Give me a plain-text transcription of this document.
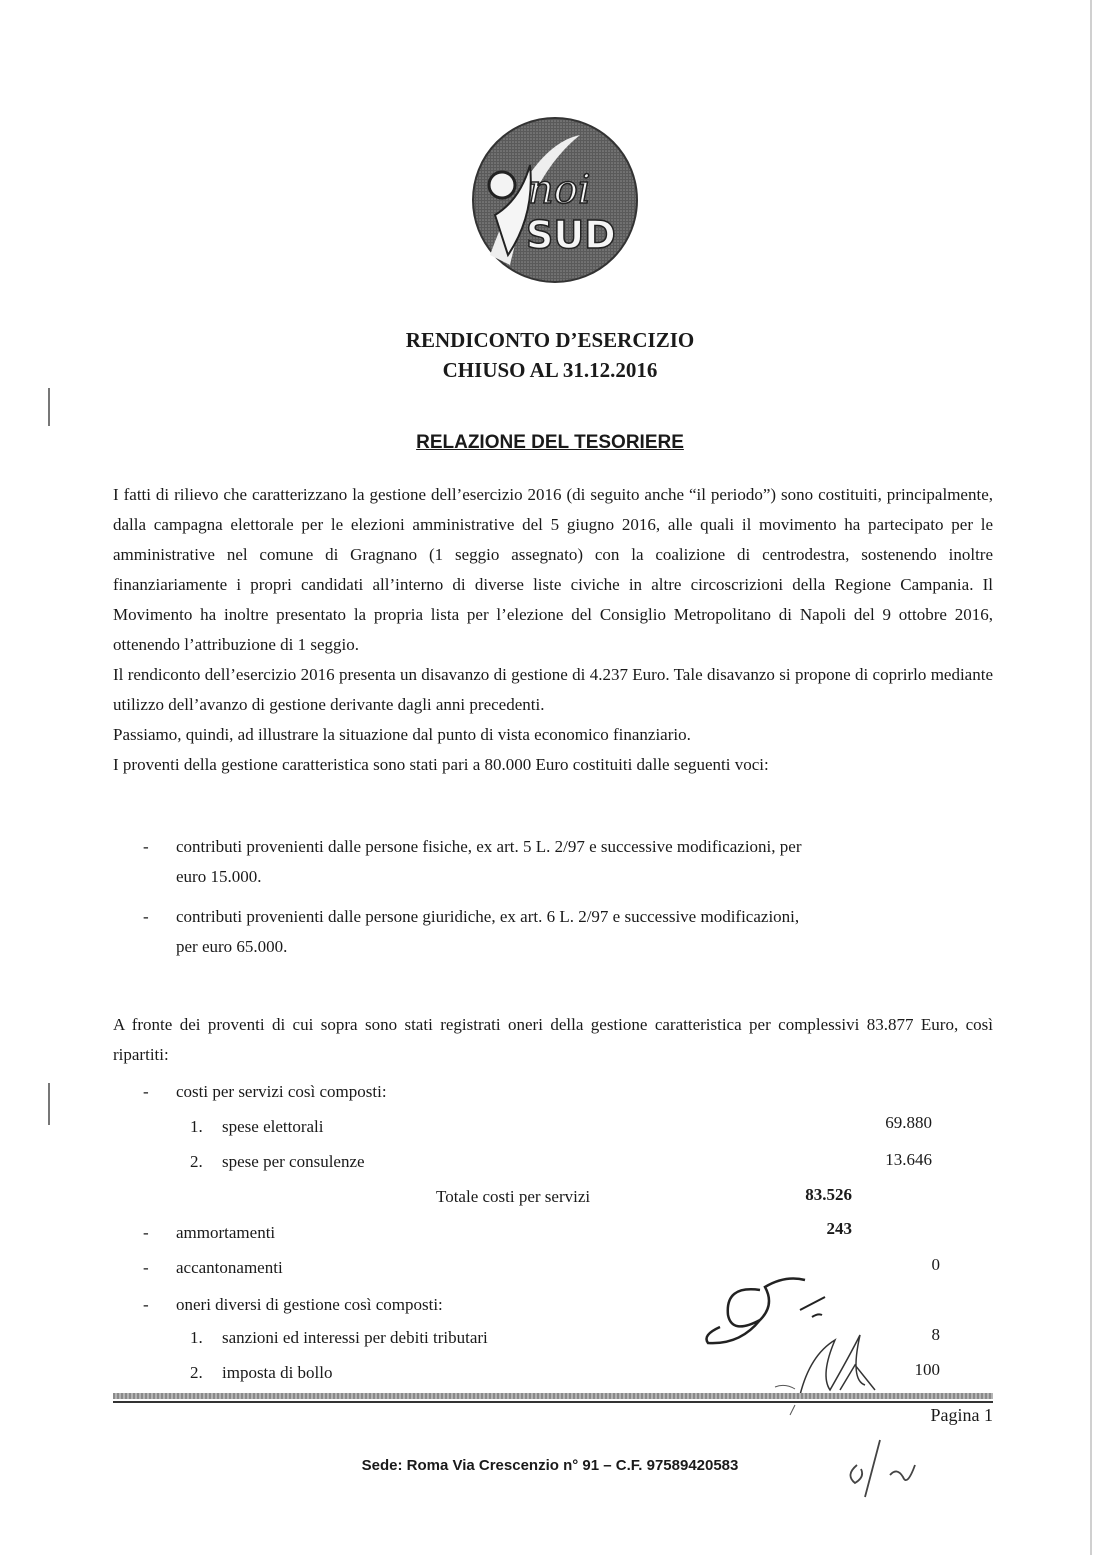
noi
SUD
RENDICONTO D’ESERCIZIO
CHIUSO AL 31.12.2016
RELAZIONE DEL TESORIERE

I fatti di rilievo che caratterizzano la gestione dell’esercizio 2016 (di seguito anche “il periodo”) sono costituiti, principalmente, dalla campagna elettorale per le elezioni amministrative del 5 giugno 2016, alle quali il movimento ha partecipato per le amministrative nel comune di Gragnano (1 seggio assegnato) con la coalizione di centrodestra, sostenendo inoltre finanziariamente i propri candidati all’interno di diverse liste civiche in altre circoscrizioni della Regione Campania. Il Movimento ha inoltre presentato la propria lista per l’elezione del Consiglio Metropolitano di Napoli del 9 ottobre 2016, ottenendo l’attribuzione di 1 seggio.

Il rendiconto dell’esercizio 2016 presenta un disavanzo di gestione di 4.237 Euro. Tale disavanzo si propone di coprirlo mediante utilizzo dell’avanzo di gestione derivante dagli anni precedenti.

Passiamo, quindi, ad illustrare la situazione dal punto di vista economico finanziario.

I proventi della gestione caratteristica sono stati pari a 80.000 Euro costituiti dalle seguenti voci:

- contributi provenienti dalle persone fisiche, ex art. 5 L. 2/97 e successive modificazioni, per
euro 15.000.
- contributi provenienti dalle persone giuridiche, ex art. 6 L. 2/97 e successive modificazioni,
per euro 65.000.
A fronte dei proventi di cui sopra sono stati registrati oneri della gestione caratteristica per complessivi 83.877 Euro, così ripartiti:
- costi per servizi così composti:
1. spese elettorali	69.880
2. spese per consulenze	13.646
Totale costi per servizi	83.526
- ammortamenti	243
- accantonamenti	0
- oneri diversi di gestione così composti:
1. sanzioni ed interessi per debiti tributari	8
2. imposta di bollo	100
Pagina 1
Sede: Roma Via Crescenzio n° 91 – C.F. 97589420583
